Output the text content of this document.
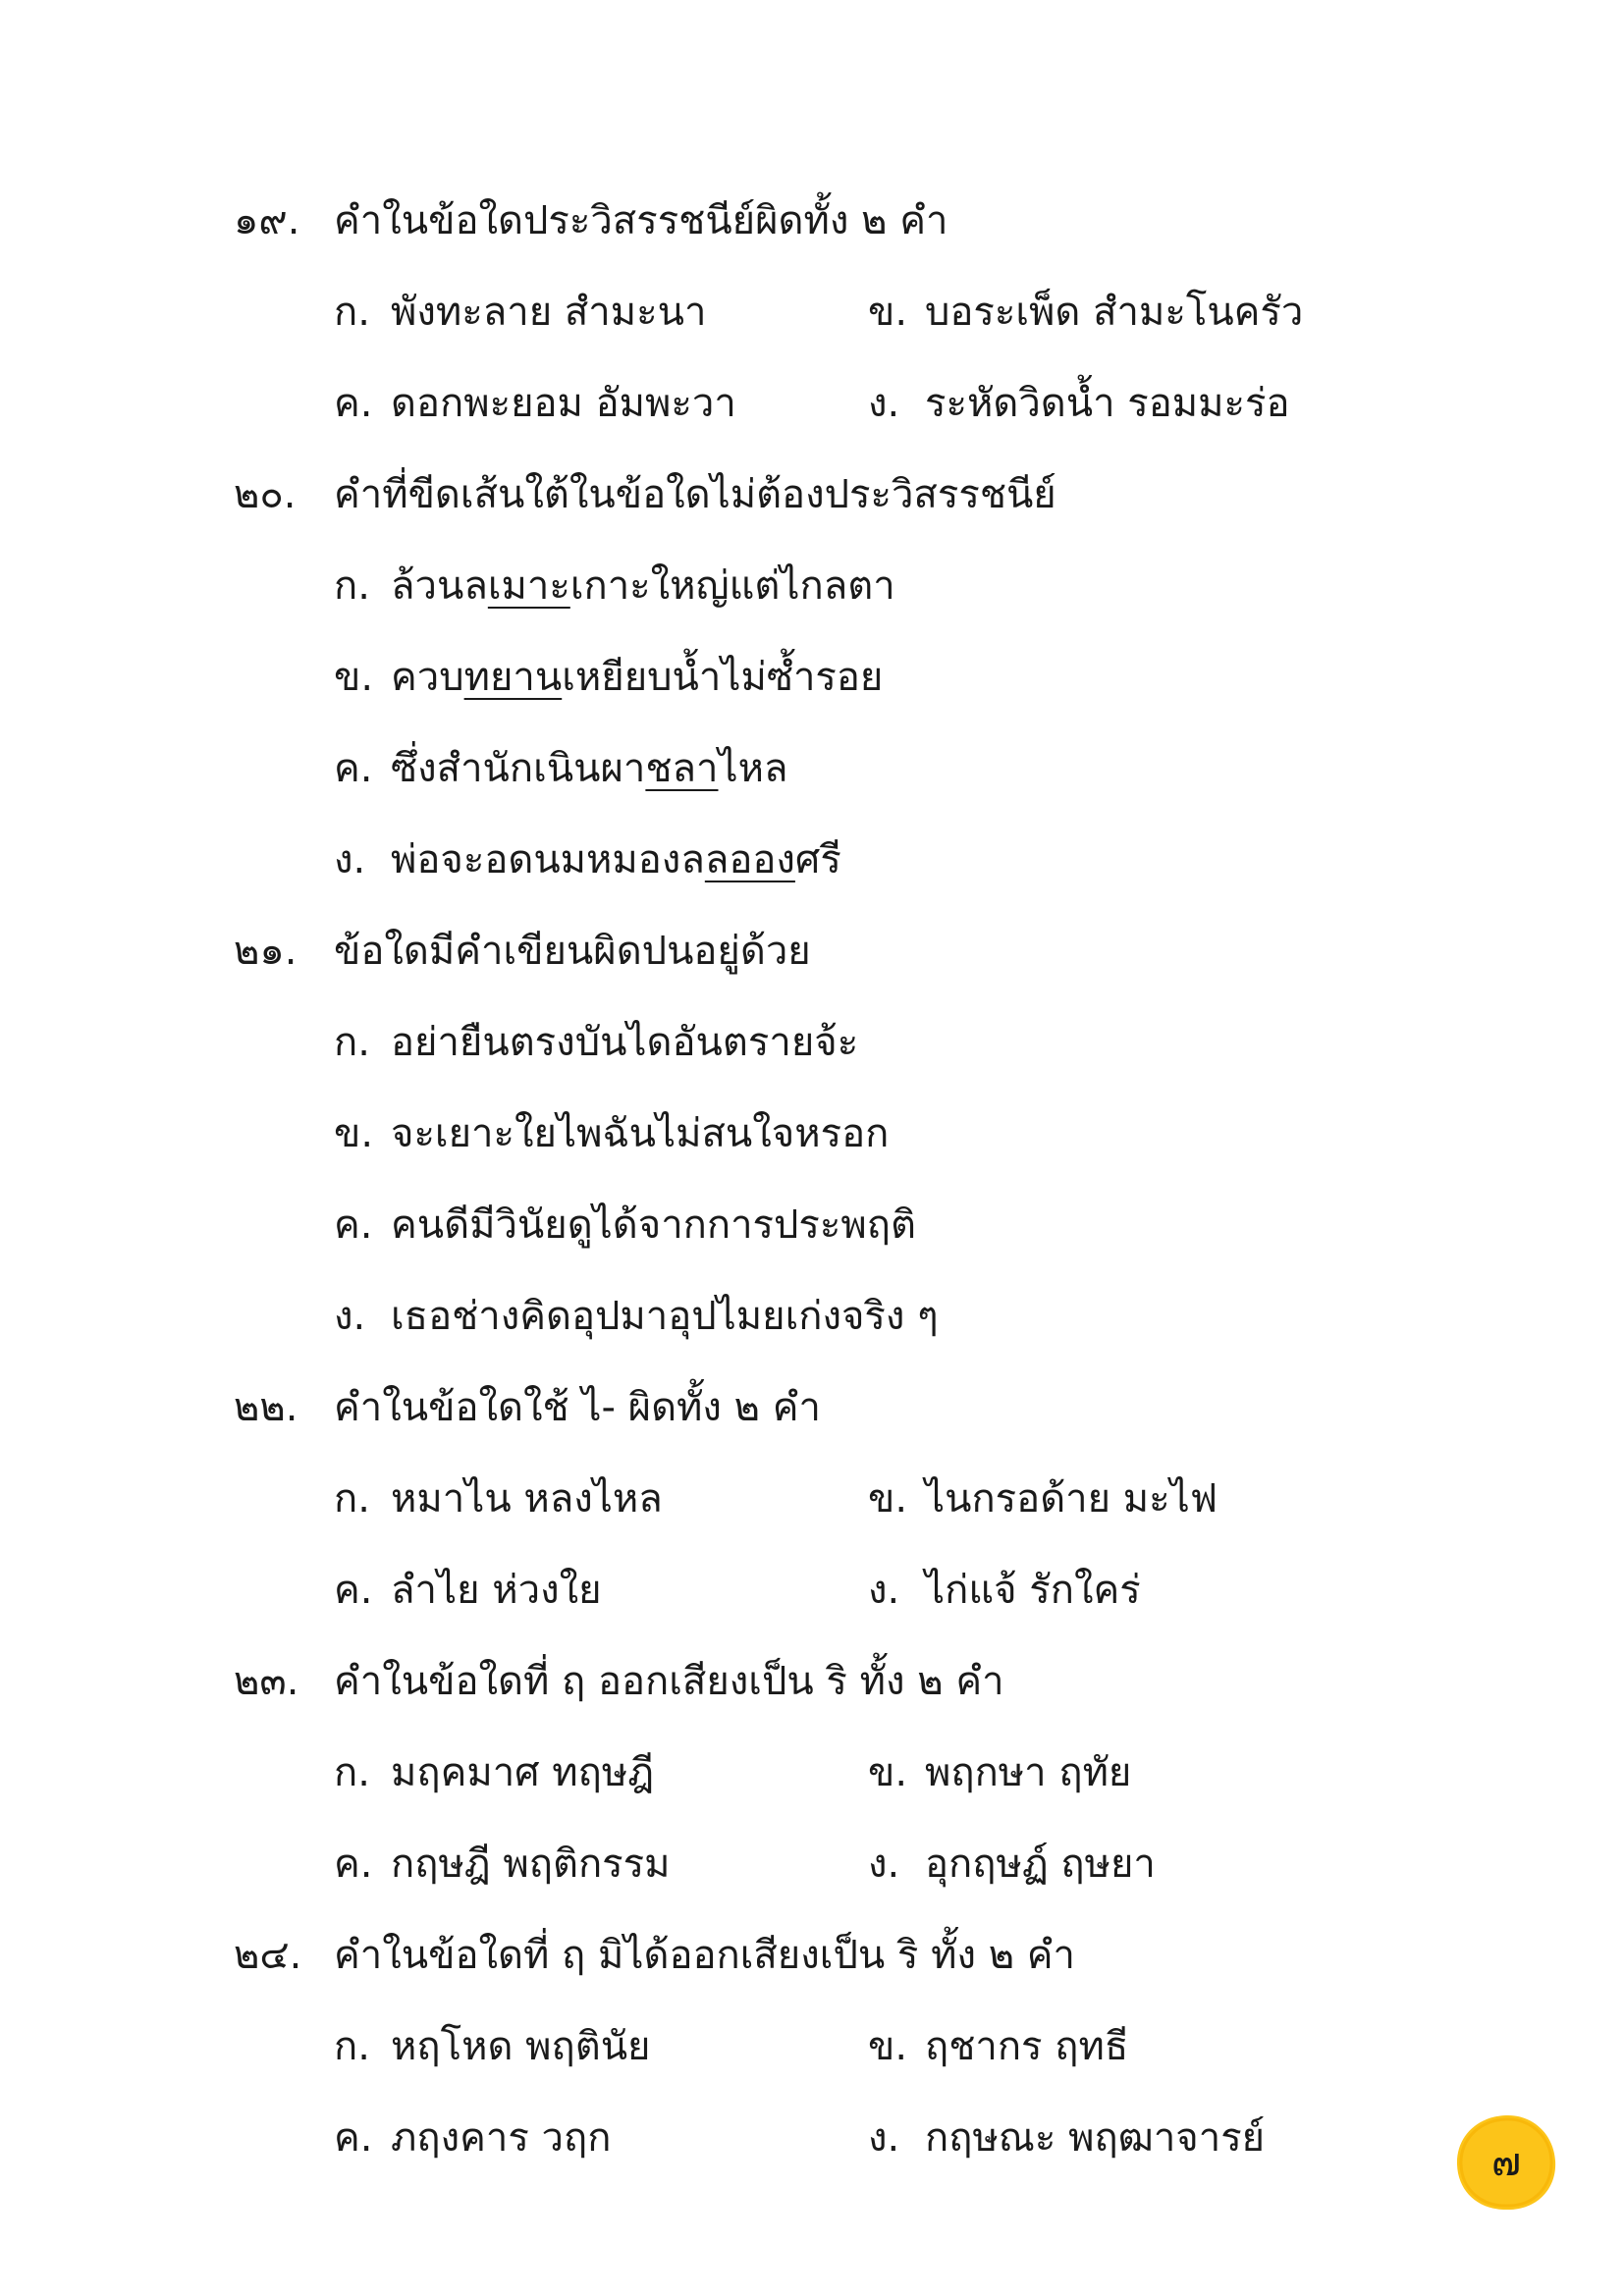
๑๙. คำในข้อใดประวิสรรชนีย์ผิดทั้ง ๒ คำ
ก. พังทะลาย สำมะนา	ข. บอระเพ็ด สำมะโนครัว
ค. ดอกพะยอม อัมพะวา	ง. ระหัดวิดน้ำ รอมมะร่อ
๒๐. คำที่ขีดเส้นใต้ในข้อใดไม่ต้องประวิสรรชนีย์
ก. ล้วนลเมาะเกาะใหญ่แต่ไกลตา
ข. ควบทยานเหยียบน้ำไม่ซ้ำรอย
ค. ซึ่งสำนักเนินผาชลาไหล
ง. พ่อจะอดนมหมองลลอองศรี
๒๑. ข้อใดมีคำเขียนผิดปนอยู่ด้วย
ก. อย่ายืนตรงบันไดอันตรายจ้ะ
ข. จะเยาะใยไพฉันไม่สนใจหรอก
ค. คนดีมีวินัยดูได้จากการประพฤติ
ง. เธอช่างคิดอุปมาอุปไมยเก่งจริง ๆ
๒๒. คำในข้อใดใช้ ไ- ผิดทั้ง ๒ คำ
ก. หมาไน หลงไหล	ข. ไนกรอด้าย มะไฟ
ค. ลำไย ห่วงใย	ง. ไก่แจ้ รักใคร่
๒๓. คำในข้อใดที่ ฤ ออกเสียงเป็น ริ ทั้ง ๒ คำ
ก. มฤคมาศ ทฤษฎี	ข. พฤกษา ฤทัย
ค. กฤษฎี พฤติกรรม	ง. อุกฤษฏ์ ฤษยา
๒๔. คำในข้อใดที่ ฤ มิได้ออกเสียงเป็น ริ ทั้ง ๒ คำ
ก. หฤโหด พฤตินัย	ข. ฤชากร ฤทธี
ค. ภฤงคาร วฤก	ง. กฤษณะ พฤฒาจารย์
๗
